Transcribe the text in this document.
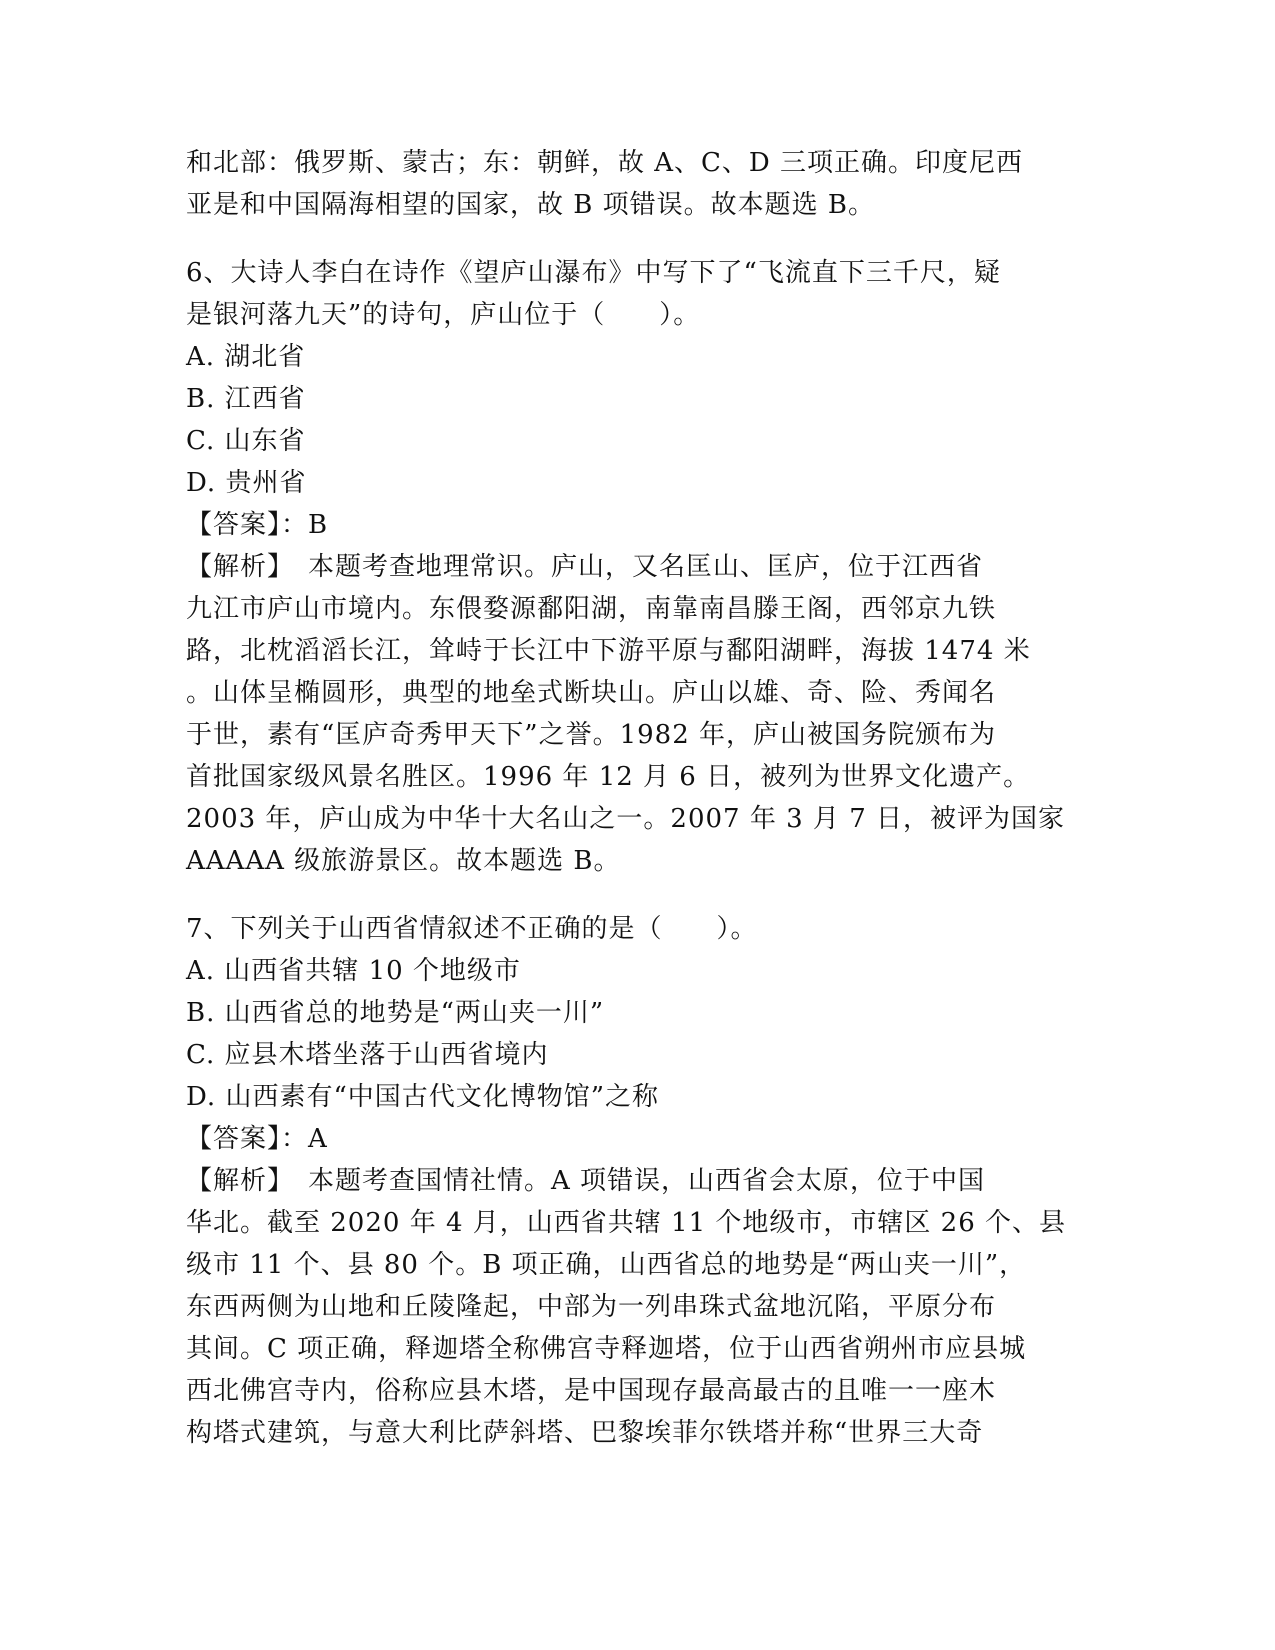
和北部：俄罗斯、蒙古；东：朝鲜，故 A、C、D 三项正确。印度尼西
亚是和中国隔海相望的国家，故 B 项错误。故本题选 B。
6、大诗人李白在诗作《望庐山瀑布》中写下了“飞流直下三千尺，疑
是银河落九天”的诗句，庐山位于（　　）。
A. 湖北省
B. 江西省
C. 山东省
D. 贵州省
【答案】：B
【解析】　本题考查地理常识。庐山，又名匡山、匡庐，位于江西省
九江市庐山市境内。东偎婺源鄱阳湖，南靠南昌滕王阁，西邻京九铁
路，北枕滔滔长江，耸峙于长江中下游平原与鄱阳湖畔，海拔 1474 米
。山体呈椭圆形，典型的地垒式断块山。庐山以雄、奇、险、秀闻名
于世，素有“匡庐奇秀甲天下”之誉。1982 年，庐山被国务院颁布为
首批国家级风景名胜区。1996 年 12 月 6 日，被列为世界文化遗产。
2003 年，庐山成为中华十大名山之一。2007 年 3 月 7 日，被评为国家
AAAAA 级旅游景区。故本题选 B。
7、下列关于山西省情叙述不正确的是（　　）。
A. 山西省共辖 10 个地级市
B. 山西省总的地势是“两山夹一川”
C. 应县木塔坐落于山西省境内
D. 山西素有“中国古代文化博物馆”之称
【答案】：A
【解析】　本题考查国情社情。A 项错误，山西省会太原，位于中国
华北。截至 2020 年 4 月，山西省共辖 11 个地级市，市辖区 26 个、县
级市 11 个、县 80 个。B 项正确，山西省总的地势是“两山夹一川”，
东西两侧为山地和丘陵隆起，中部为一列串珠式盆地沉陷，平原分布
其间。C 项正确，释迦塔全称佛宫寺释迦塔，位于山西省朔州市应县城
西北佛宫寺内，俗称应县木塔，是中国现存最高最古的且唯一一座木
构塔式建筑，与意大利比萨斜塔、巴黎埃菲尔铁塔并称“世界三大奇
